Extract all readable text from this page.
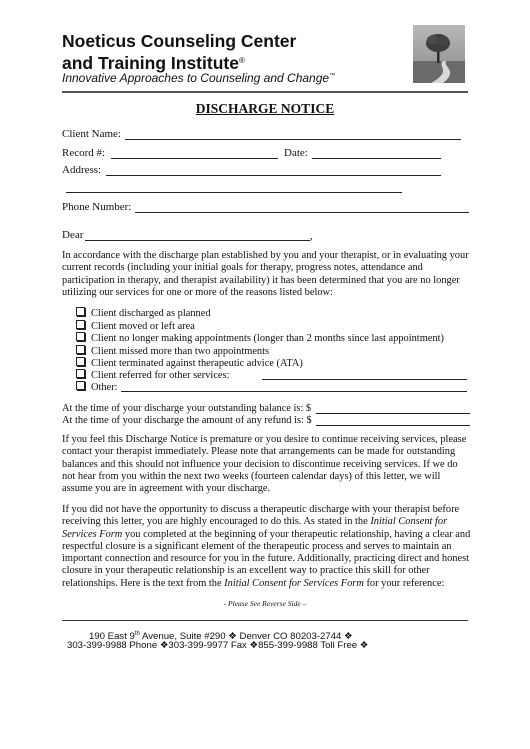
Noeticus Counseling Center
and Training Institute®
Innovative Approaches to Counseling and Change™
DISCHARGE NOTICE
Client Name:
Record #:	Date:
Address:
Phone Number:
Dear	,
In accordance with the discharge plan established by you and your therapist, or in evaluating your current records (including your initial goals for therapy, progress notes, attendance and participation in therapy, and therapist availability) it has been determined that you are no longer utilizing our services for one or more of the reasons listed below:
Client discharged as planned
Client moved or left area
Client no longer making appointments (longer than 2 months since last appointment)
Client missed more than two appointments
Client terminated against therapeutic advice (ATA)
Client referred for other services:
Other:
At the time of your discharge your outstanding balance is: $
At the time of your discharge the amount of any refund is: $
If you feel this Discharge Notice is premature or you desire to continue receiving services, please contact your therapist immediately. Please note that arrangements can be made for outstanding balances and this should not influence your decision to discontinue receiving services. If we do not hear from you within the next two weeks (fourteen calendar days) of this letter, we will assume you are in agreement with your discharge.
If you did not have the opportunity to discuss a therapeutic discharge with your therapist before receiving this letter, you are highly encouraged to do this. As stated in the Initial Consent for Services Form you completed at the beginning of your therapeutic relationship, having a clear and respectful closure is a significant element of the therapeutic process and serves to maintain an important connection and resource for you in the future. Additionally, practicing direct and honest closure in your therapeutic relationship is an excellent way to practice this skill for other relationships. Here is the text from the Initial Consent for Services Form for your reference:
- Please See Reverse Side –
190 East 9th Avenue, Suite #290 ❖ Denver CO 80203-2744 ❖
303-399-9988 Phone ❖303-399-9977 Fax ❖855-399-9988 Toll Free ❖
